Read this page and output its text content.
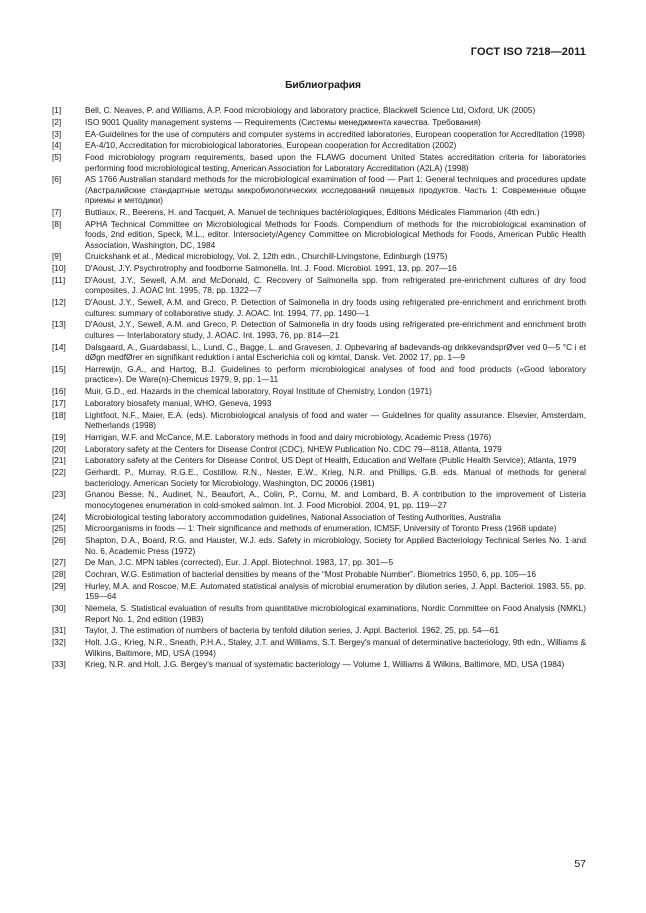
ГОСТ ISO 7218—2011
Библиография
[1]	Bell, C. Neaves, P. and Williams, A.P. Food microbiology and laboratory practice, Blackwell Science Ltd, Oxford, UK (2005)
[2]	ISO 9001 Quality management systems — Requirements (Системы менеджмента качества. Требования)
[3]	EA-Guidelines for the use of computers and computer systems in accredited laboratories, European cooperation for Accreditation (1998)
[4]	EA-4/10, Accreditation for microbiological laboratories, European cooperation for Accreditation (2002)
[5]	Food microbiology program requirements, based upon the FLAWG document United States accreditation criteria for laboratories performing food microbiological testing, American Association for Laboratory Accreditation (A2LA) (1998)
[6]	AS 1766 Australian standard methods for the microbiological examination of food — Part 1: General techniques and procedures update (Австралийские стандартные методы микробиологических исследований пищевых продуктов. Часть 1: Современные общие приемы и методики)
[7]	Buttiaux, R., Beerens, H. and Tacquet, A. Manuel de techniques bactériologiques, Éditions Médicales Flammarion (4th edn.)
[8]	APHA Technical Committee on Microbiological Methods for Foods. Compendium of methods for the microbiological examination of foods, 2nd edition, Speck, M.L., editor. Intersociety/Agency Committee on Microbiological Methods for Foods, American Public Health Association, Washington, DC, 1984
[9]	Cruickshank et al., Medical microbiology, Vol. 2, 12th edn., Churchill-Livingstone, Edinburgh (1975)
[10]	D'Aoust, J.Y. Psychrotrophy and foodborne Salmonella. Int. J. Food. Microbiol. 1991, 13, pp. 207—16
[11]	D'Aoust, J.Y., Sewell, A.M. and McDonald, C. Recovery of Salmonella spp. from refrigerated pre-enrichment cultures of dry food composites, J. AOAC Int. 1995, 78, pp. 1322—7
[12]	D'Aoust, J.Y., Sewell, A.M. and Greco, P. Detection of Salmonella in dry foods using refrigerated pre-enrichment and enrichment broth cultures: summary of collaborative study. J. AOAC. Int. 1994, 77, pp. 1490—1
[13]	D'Aoust, J.Y., Sewell, A.M. and Greco, P. Detection of Salmonella in dry foods using refrigerated pre-enrichment and enrichment broth cultures — Interlaboratory study, J. AOAC. Int. 1993, 76, pp. 814—21
[14]	Dalsgaard, A., Guardabassi, L., Lund, C., Bagge, L. and Gravesen, J. Opbevaring af badevands-og drikkevandsprØver ved 0—5 °С i et dØgn medfØrer en signifikant reduktion i antal Escherichia coli og kimtal, Dansk. Vet. 2002 17, pp. 1—9
[15]	Harrewijn, G.A., and Hartog, B.J. Guidelines to perform microbiological analyses of food and food products («Good laboratory practice»). De Ware(n)-Chemicus 1979, 9, pp. 1—11
[16]	Muir, G.D., ed. Hazards in the chemical laboratory, Royal Institute of Chemistry, London (1971)
[17]	Laboratory biosafety manual, WHO, Geneva, 1993
[18]	Lightfoot, N.F., Maier, E.A. (eds). Microbiological analysis of food and water — Guidelines for quality assurance. Elsevier, Amsterdam, Netherlands (1998)
[19]	Harrigan, W.F. and McCance, M.E. Laboratory methods in food and dairy microbiology, Academic Press (1976)
[20]	Laboratory safety at the Centers for Disease Control (CDC), NHEW Publication No. CDC 79—8118, Atlanta, 1979
[21]	Laboratory safety at the Centers for Disease Control, US Dept of Health, Education and Welfare (Public Health Service), Atlanta, 1979
[22]	Gerhardt, P., Murray, R.G.E., Costillow, R.N., Nester, E.W., Krieg, N.R. and Phillips, G.B. eds. Manual of methods for general bacteriology. American Society for Microbiology, Washington, DC 20006 (1981)
[23]	Gnanou Besse, N., Audinet, N., Beaufort, A., Colin, P., Cornu, M. and Lombard, B. A contribution to the improvement of Listeria monocytogenes enumeration in cold-smoked salmon. Int. J. Food Microbiol. 2004, 91, pp. 119—27
[24]	Microbiological testing laboratory accommodation guidelines, National Association of Testing Authorities, Australia
[25]	Microorganisms in foods — 1: Their significance and methods of enumeration, ICMSF, University of Toronto Press (1968 update)
[26]	Shapton, D.A., Board, R.G. and Hauster, W.J. eds. Safety in microbiology, Society for Applied Bacteriology Technical Series No. 1 and No. 6, Academic Press (1972)
[27]	De Man, J.C. MPN tables (corrected), Eur. J. Appl. Biotechnol. 1983, 17, pp. 301—5
[28]	Cochran, W.G. Estimation of bacterial densities by means of the “Most Probable Number”. Biometrics 1950, 6, pp. 105—16
[29]	Hurley, M.A. and Roscoe, M.E. Automated statistical analysis of microbial enumeration by dilution series, J. Appl. Bacteriol. 1983, 55, pp. 159—64
[30]	Niemela, S. Statistical evaluation of results from quantitative microbiological examinations, Nordic Committee on Food Analysis (NMKL) Report No. 1, 2nd edition (1983)
[31]	Taylor, J. The estimation of numbers of bacteria by tenfold dilution series, J. Appl. Bacteriol. 1962, 25, pp. 54—61
[32]	Holt, J.G., Krieg, N.R., Sneath, P.H.A., Staley, J.T. and Williams, S.T. Bergey's manual of determinative bacteriology, 9th edn., Williams & Wilkins, Baltimore, MD, USA (1994)
[33]	Krieg, N.R. and Holt, J.G. Bergey's manual of systematic bacteriology — Volume 1, Williams & Wilkins, Baltimore, MD, USA (1984)
57
